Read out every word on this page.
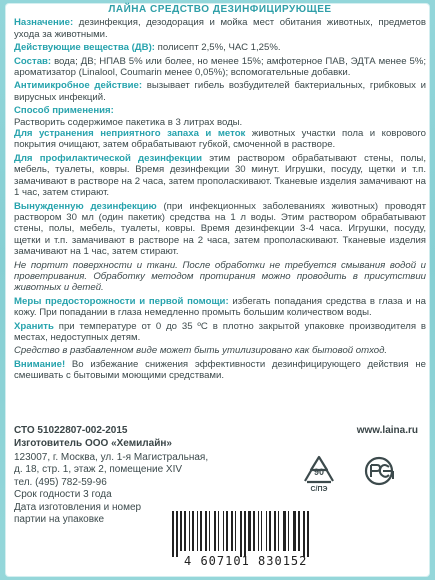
ЛАЙНА СРЕДСТВО ДЕЗИНФИЦИРУЮЩЕЕ
Назначение: дезинфекция, дезодорация и мойка мест обитания животных, предметов ухода за животными.
Действующие вещества (ДВ): полисепт 2,5%, ЧАС 1,25%.
Состав: вода; ДВ; НПАВ 5% или более, но менее 15%; амфотерное ПАВ, ЭДТА менее 5%; ароматизатор (Linalool, Coumarin менее 0,05%); вспомогательные добавки.
Антимикробное действие: вызывает гибель возбудителей бактериальных, грибковых и вирусных инфекций.
Способ применения:
Растворить содержимое пакетика в 3 литрах воды.
Для устранения неприятного запаха и меток животных участки пола и коврового покрытия очищают, затем обрабатывают губкой, смоченной в растворе.
Для профилактической дезинфекции этим раствором обрабатывают стены, полы, мебель, туалеты, ковры. Время дезинфекции 30 минут. Игрушки, посуду, щетки и т.п. замачивают в растворе на 2 часа, затем прополаскивают. Тканевые изделия замачивают на 1 час, затем стирают.
Вынужденную дезинфекцию (при инфекционных заболеваниях животных) проводят раствором 30 мл (один пакетик) средства на 1 л воды. Этим раствором обрабатывают стены, полы, мебель, туалеты, ковры. Время дезинфекции 3-4 часа. Игрушки, посуду, щетки и т.п. замачивают в растворе на 2 часа, затем прополаскивают. Тканевые изделия замачивают на 1 час, затем стирают.
Не портит поверхности и ткани. После обработки не требуется смывания водой и проветривания. Обработку методом протирания можно проводить в присутствии животных и детей.
Меры предосторожности и первой помощи: избегать попадания средства в глаза и на кожу. При попадании в глаза немедленно промыть большим количеством воды.
Хранить при температуре от 0 до 35 ºС в плотно закрытой упаковке производителя в местах, недоступных детям.
Средство в разбавленном виде может быть утилизировано как бытовой отход.
Внимание! Во избежание снижения эффективности дезинфицирующего действия не смешивать с бытовыми моющими средствами.
СТО 51022807-002-2015	www.laina.ru
Изготовитель ООО «Хемилайн»
123007, г. Москва, ул. 1-я Магистральная,
д. 18, стр. 1, этаж 2, помещение XIV
тел. (495) 782-59-96
Срок годности 3 года
Дата изготовления и номер
партии на упаковке
90
С/ПЭ
4 607101 830152
